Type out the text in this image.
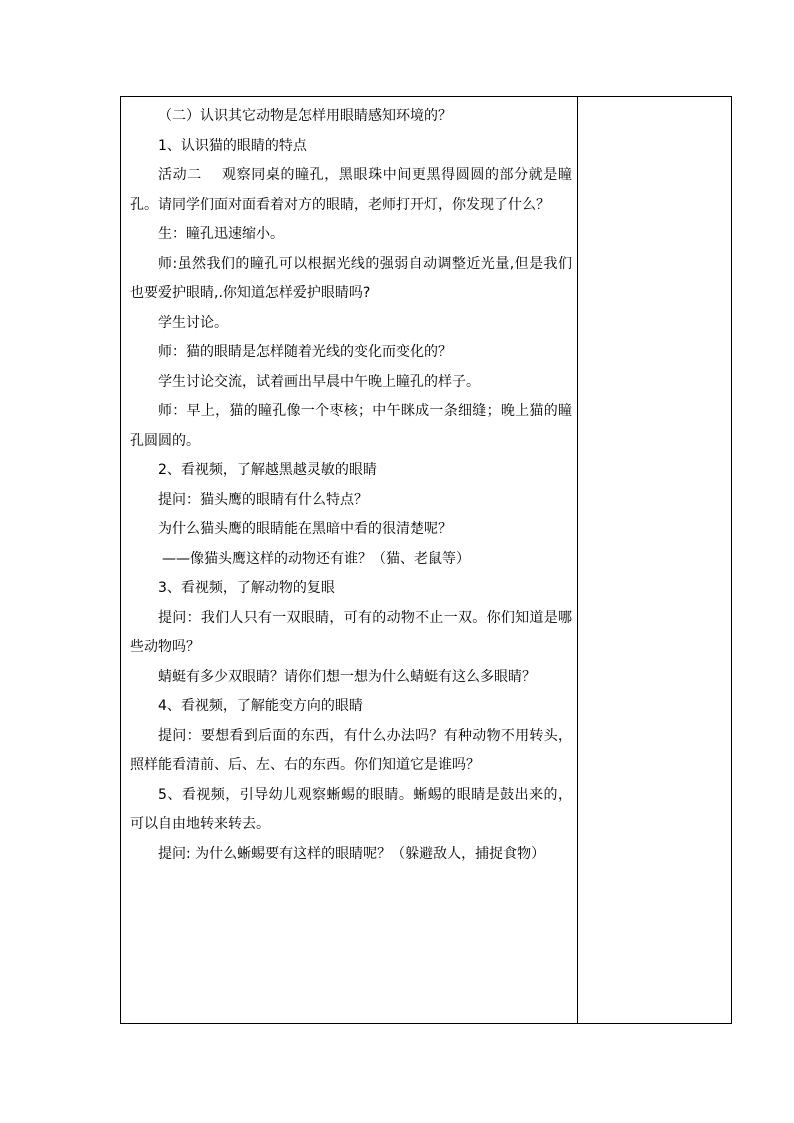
（二）认识其它动物是怎样用眼睛感知环境的？

1、认识猫的眼睛的特点

活动二    观察同桌的瞳孔，黑眼珠中间更黑得圆圆的部分就是瞳孔。请同学们面对面看着对方的眼睛，老师打开灯，你发现了什么？

生：瞳孔迅速缩小。

师:虽然我们的瞳孔可以根据光线的强弱自动调整近光量,但是我们也要爱护眼睛,.你知道怎样爱护眼睛吗?

学生讨论。

师：猫的眼睛是怎样随着光线的变化而变化的？

学生讨论交流，试着画出早晨中午晚上瞳孔的样子。

师：早上，猫的瞳孔像一个枣核；中午眯成一条细缝；晚上猫的瞳孔圆圆的。

2、看视频，了解越黑越灵敏的眼睛

提问：猫头鹰的眼睛有什么特点？

为什么猫头鹰的眼睛能在黑暗中看的很清楚呢？

——像猫头鹰这样的动物还有谁？（猫、老鼠等）

3、看视频，了解动物的复眼

提问：我们人只有一双眼睛，可有的动物不止一双。你们知道是哪些动物吗？

蜻蜓有多少双眼睛？请你们想一想为什么蜻蜓有这么多眼睛？

4、看视频，了解能变方向的眼睛

提问：要想看到后面的东西，有什么办法吗？有种动物不用转头，照样能看清前、后、左、右的东西。你们知道它是谁吗？

5、看视频，引导幼儿观察蜥蜴的眼睛。蜥蜴的眼睛是鼓出来的，可以自由地转来转去。

提问: 为什么蜥蜴要有这样的眼睛呢？（躲避敌人，捕捉食物）
